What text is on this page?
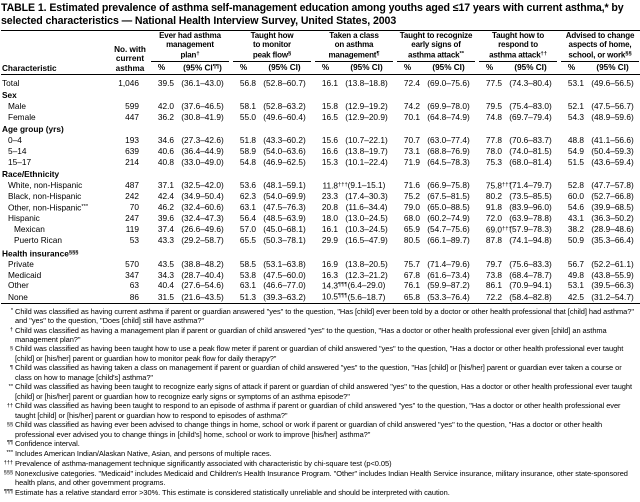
TABLE 1. Estimated prevalence of asthma self-management education among youths aged ≤17 years with current asthma,* by selected characteristics — National Health Interview Survey, United States, 2003
Characteristic	No. with
current
asthma	Ever had asthma
management
plan†		Taught how
to monitor
peak flow§		Taken a class
on asthma
management¶		Taught to recognize
early signs of
asthma attack**		Taught how to
respond to
asthma attack††		Advised to change
aspects of home,
school, or work§§

		%	(95% CI¶¶)	%	(95% CI)	%	(95% CI)	%	(95% CI)	%	(95% CI)	%	(95% CI)
Total	1,046	39.5	(36.1–43.0)	56.8	(52.8–60.7)	16.1	(13.8–18.8)	72.4	(69.0–75.6)	77.5	(74.3–80.4)	53.1	(49.6–56.5)
Sex													
Male	599	42.0	(37.6–46.5)	58.1	(52.8–63.2)	15.8	(12.9–19.2)	74.2	(69.9–78.0)	79.5	(75.4–83.0)	52.1	(47.5–56.7)
Female	447	36.2	(30.8–41.9)	55.0	(49.6–60.4)	16.5	(12.9–20.9)	70.1	(64.8–74.9)	74.8	(69.7–79.4)	54.3	(48.9–59.6)
Age group (yrs)													
0–4	193	34.6	(27.3–42.6)	51.8	(43.3–60.2)	15.6	(10.7–22.1)	70.7	(63.0–77.4)	77.8	(70.6–83.7)	48.8	(41.1–56.6)
5–14	639	40.6	(36.4–44.9)	58.9	(54.0–63.6)	16.6	(13.8–19.7)	73.1	(68.8–76.9)	78.0	(74.0–81.5)	54.9	(50.4–59.3)
15–17	214	40.8	(33.0–49.0)	54.8	(46.9–62.5)	15.3	(10.1–22.4)	71.9	(64.5–78.3)	75.3	(68.0–81.4)	51.5	(43.6–59.4)
Race/Ethnicity													
White, non-Hispanic	487	37.1	(32.5–42.0)	53.6	(48.1–59.1)	11.8†††	(9.1–15.1)	71.6	(66.9–75.8)	75.8†††	(71.4–79.7)	52.8	(47.7–57.8)
Black, non-Hispanic	242	42.4	(34.9–50.4)	62.3	(54.0–69.9)	23.3	(17.4–30.3)	75.2	(67.5–81.5)	80.2	(73.5–85.5)	60.0	(52.7–66.8)
Other, non-Hispanic***	70	46.2	(32.4–60.6)	63.1	(47.5–76.3)	20.8	(11.6–34.4)	79.0	(65.0–88.5)	91.8	(83.9–96.0)	54.6	(39.9–68.5)
Hispanic	247	39.6	(32.4–47.3)	56.4	(48.5–63.9)	18.0	(13.0–24.5)	68.0	(60.2–74.9)	72.0	(63.9–78.8)	43.1	(36.3–50.2)
Mexican	119	37.4	(26.6–49.6)	57.0	(45.0–68.1)	16.1	(10.3–24.5)	65.9	(54.7–75.6)	69.0†††	(57.9–78.3)	38.2	(28.9–48.6)
Puerto Rican	53	43.3	(29.2–58.7)	65.5	(50.3–78.1)	29.9	(16.5–47.9)	80.5	(66.1–89.7)	87.8	(74.1–94.8)	50.9	(35.3–66.4)
Health insurance§§§
Private	570	43.5	(38.8–48.2)	58.5	(53.1–63.8)	16.9	(13.8–20.5)	75.7	(71.4–79.6)	79.7	(75.6–83.3)	56.7	(52.2–61.1)
Medicaid	347	34.3	(28.7–40.4)	53.8	(47.5–60.0)	16.3	(12.3–21.2)	67.8	(61.6–73.4)	73.8	(68.4–78.7)	49.8	(43.8–55.9)
Other	63	40.4	(27.6–54.6)	63.1	(46.6–77.0)	14.3¶¶¶	(6.4–29.0)	76.1	(59.9–87.2)	86.1	(70.9–94.1)	53.1	(39.5–66.3)
None	86	31.5	(21.6–43.5)	51.3	(39.3–63.2)	10.5¶¶¶	(5.6–18.7)	65.8	(53.3–76.4)	72.2	(58.4–82.8)	42.5	(31.2–54.7)
* Child was classified as having current asthma if parent or guardian answered "yes" to the question, "Has [child] ever been told by a doctor or other health professional that [child] had asthma?" and "yes" to the question, "Does [child] still have asthma?"
† Child was classified as having a management plan if parent or guardian of child answered "yes" to the question, "Has a doctor or other health professional ever given [child] an asthma management plan?"
§ Child was classified as having been taught how to use a peak flow meter if parent or guardian of child answered "yes" to the question, "Has a doctor or other health professional ever taught [child] or [his/her] parent or guardian how to monitor peak flow for daily therapy?"
¶ Child was classified as having taken a class on management if parent or guardian of child answered "yes" to the question, "Has [child] or [his/her] parent or guardian ever taken a course or class on how to manage [child's] asthma?"
** Child was classified as having been taught to recognize early signs of attack if parent or guardian of child answered "yes" to the question, Has a doctor or other health professional ever taught [child] or [his/her] parent or guardian how to recognize early signs or symptoms of an asthma episode?"
†† Child was classified as having been taught to respond to an episode of asthma if parent or guardian of child answered "yes" to the question, "Has a doctor or other health professional ever taught [child] or [his/her] parent or guardian how to respond to episodes of asthma?"
§§ Child was classified as having ever been advised to change things in home, school or work if parent or guardian of child answered "yes" to the question, "Has a doctor or other health professional ever advised you to change things in [child's] home, school or work to improve [his/her] asthma?"
¶¶ Confidence interval.
*** Includes American Indian/Alaskan Native, Asian, and persons of multiple races.
††† Prevalence of asthma-management technique significantly associated with characteristic by chi-square test (p<0.05)
§§§ Nonexclusive categories. "Medicaid" includes Medicaid and Children's Health Insurance Program. "Other" includes Indian Health Service insurance, military insurance, other state-sponsored health plans, and other government programs.
¶¶¶ Estimate has a relative standard error >30%. This estimate is considered statistically unreliable and should be interpreted with caution.
